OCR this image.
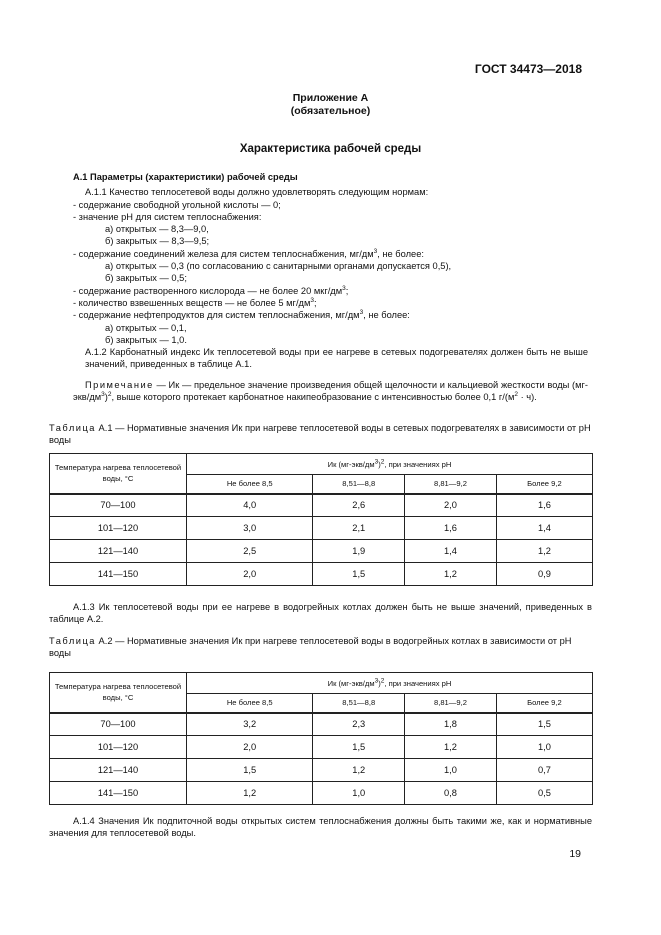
ГОСТ 34473—2018
Приложение А
(обязательное)
Характеристика рабочей среды

А.1 Параметры (характеристики) рабочей среды

А.1.1 Качество теплосетевой воды должно удовлетворять следующим нормам:

- содержание свободной угольной кислоты — 0;

- значение pH для систем теплоснабжения:

а) открытых — 8,3—9,0,

б) закрытых — 8,3—9,5;

- содержание соединений железа для систем теплоснабжения, $мг/дм^3$, не более:

а) открытых — 0,3 (по согласованию с санитарными органами допускается 0,5),

б) закрытых — 0,5;

- содержание растворенного кислорода — не более 20 мкг/$дм^3$;

- количество взвешенных веществ — не более 5 $мг/дм^3$;

- содержание нефтепродуктов для систем теплоснабжения, $мг/дм^3$, не более:

а) открытых — 0,1,

б) закрытых — 1,0.

А.1.2 Карбонатный индекс Ик теплосетевой воды при ее нагреве в сетевых подогревателях должен быть не выше значений, приведенных в таблице А.1.

Примечание — Ик — предельное значение произведения общей щелочности и кальциевой жесткости воды $(мг-экв/дм^3)^2$, выше которого протекает карбонатное накипеобразование с интенсивностью более 0,1 $г/(м^2 \cdot ч)$.

Таблица А.1 — Нормативные значения Ик при нагреве теплосетевой воды в сетевых подогревателях в зависимости от pH воды
Температура нагрева теплосетевой воды, °С	Ик $(мг-экв/дм^3)^2$, при значениях pH			
	Не более 8,5	8,51—8,8	8,81—9,2	Более 9,2
70—100	4,0	2,6	2,0	1,6
101—120	3,0	2,1	1,6	1,4
121—140	2,5	1,9	1,4	1,2
141—150	2,0	1,5	1,2	0,9
А.1.3 Ик теплосетевой воды при ее нагреве в водогрейных котлах должен быть не выше значений, приведенных в таблице А.2.
Таблица А.2 — Нормативные значения Ик при нагреве теплосетевой воды в водогрейных котлах в зависимости от pH воды
Температура нагрева теплосетевой воды, °С	Ик $(мг-экв/дм^3)^2$, при значениях pH			
	Не более 8,5	8,51—8,8	8,81—9,2	Более 9,2
70—100	3,2	2,3	1,8	1,5
101—120	2,0	1,5	1,2	1,0
121—140	1,5	1,2	1,0	0,7
141—150	1,2	1,0	0,8	0,5
А.1.4 Значения Ик подпиточной воды открытых систем теплоснабжения должны быть такими же, как и нормативные значения для теплосетевой воды.
19
